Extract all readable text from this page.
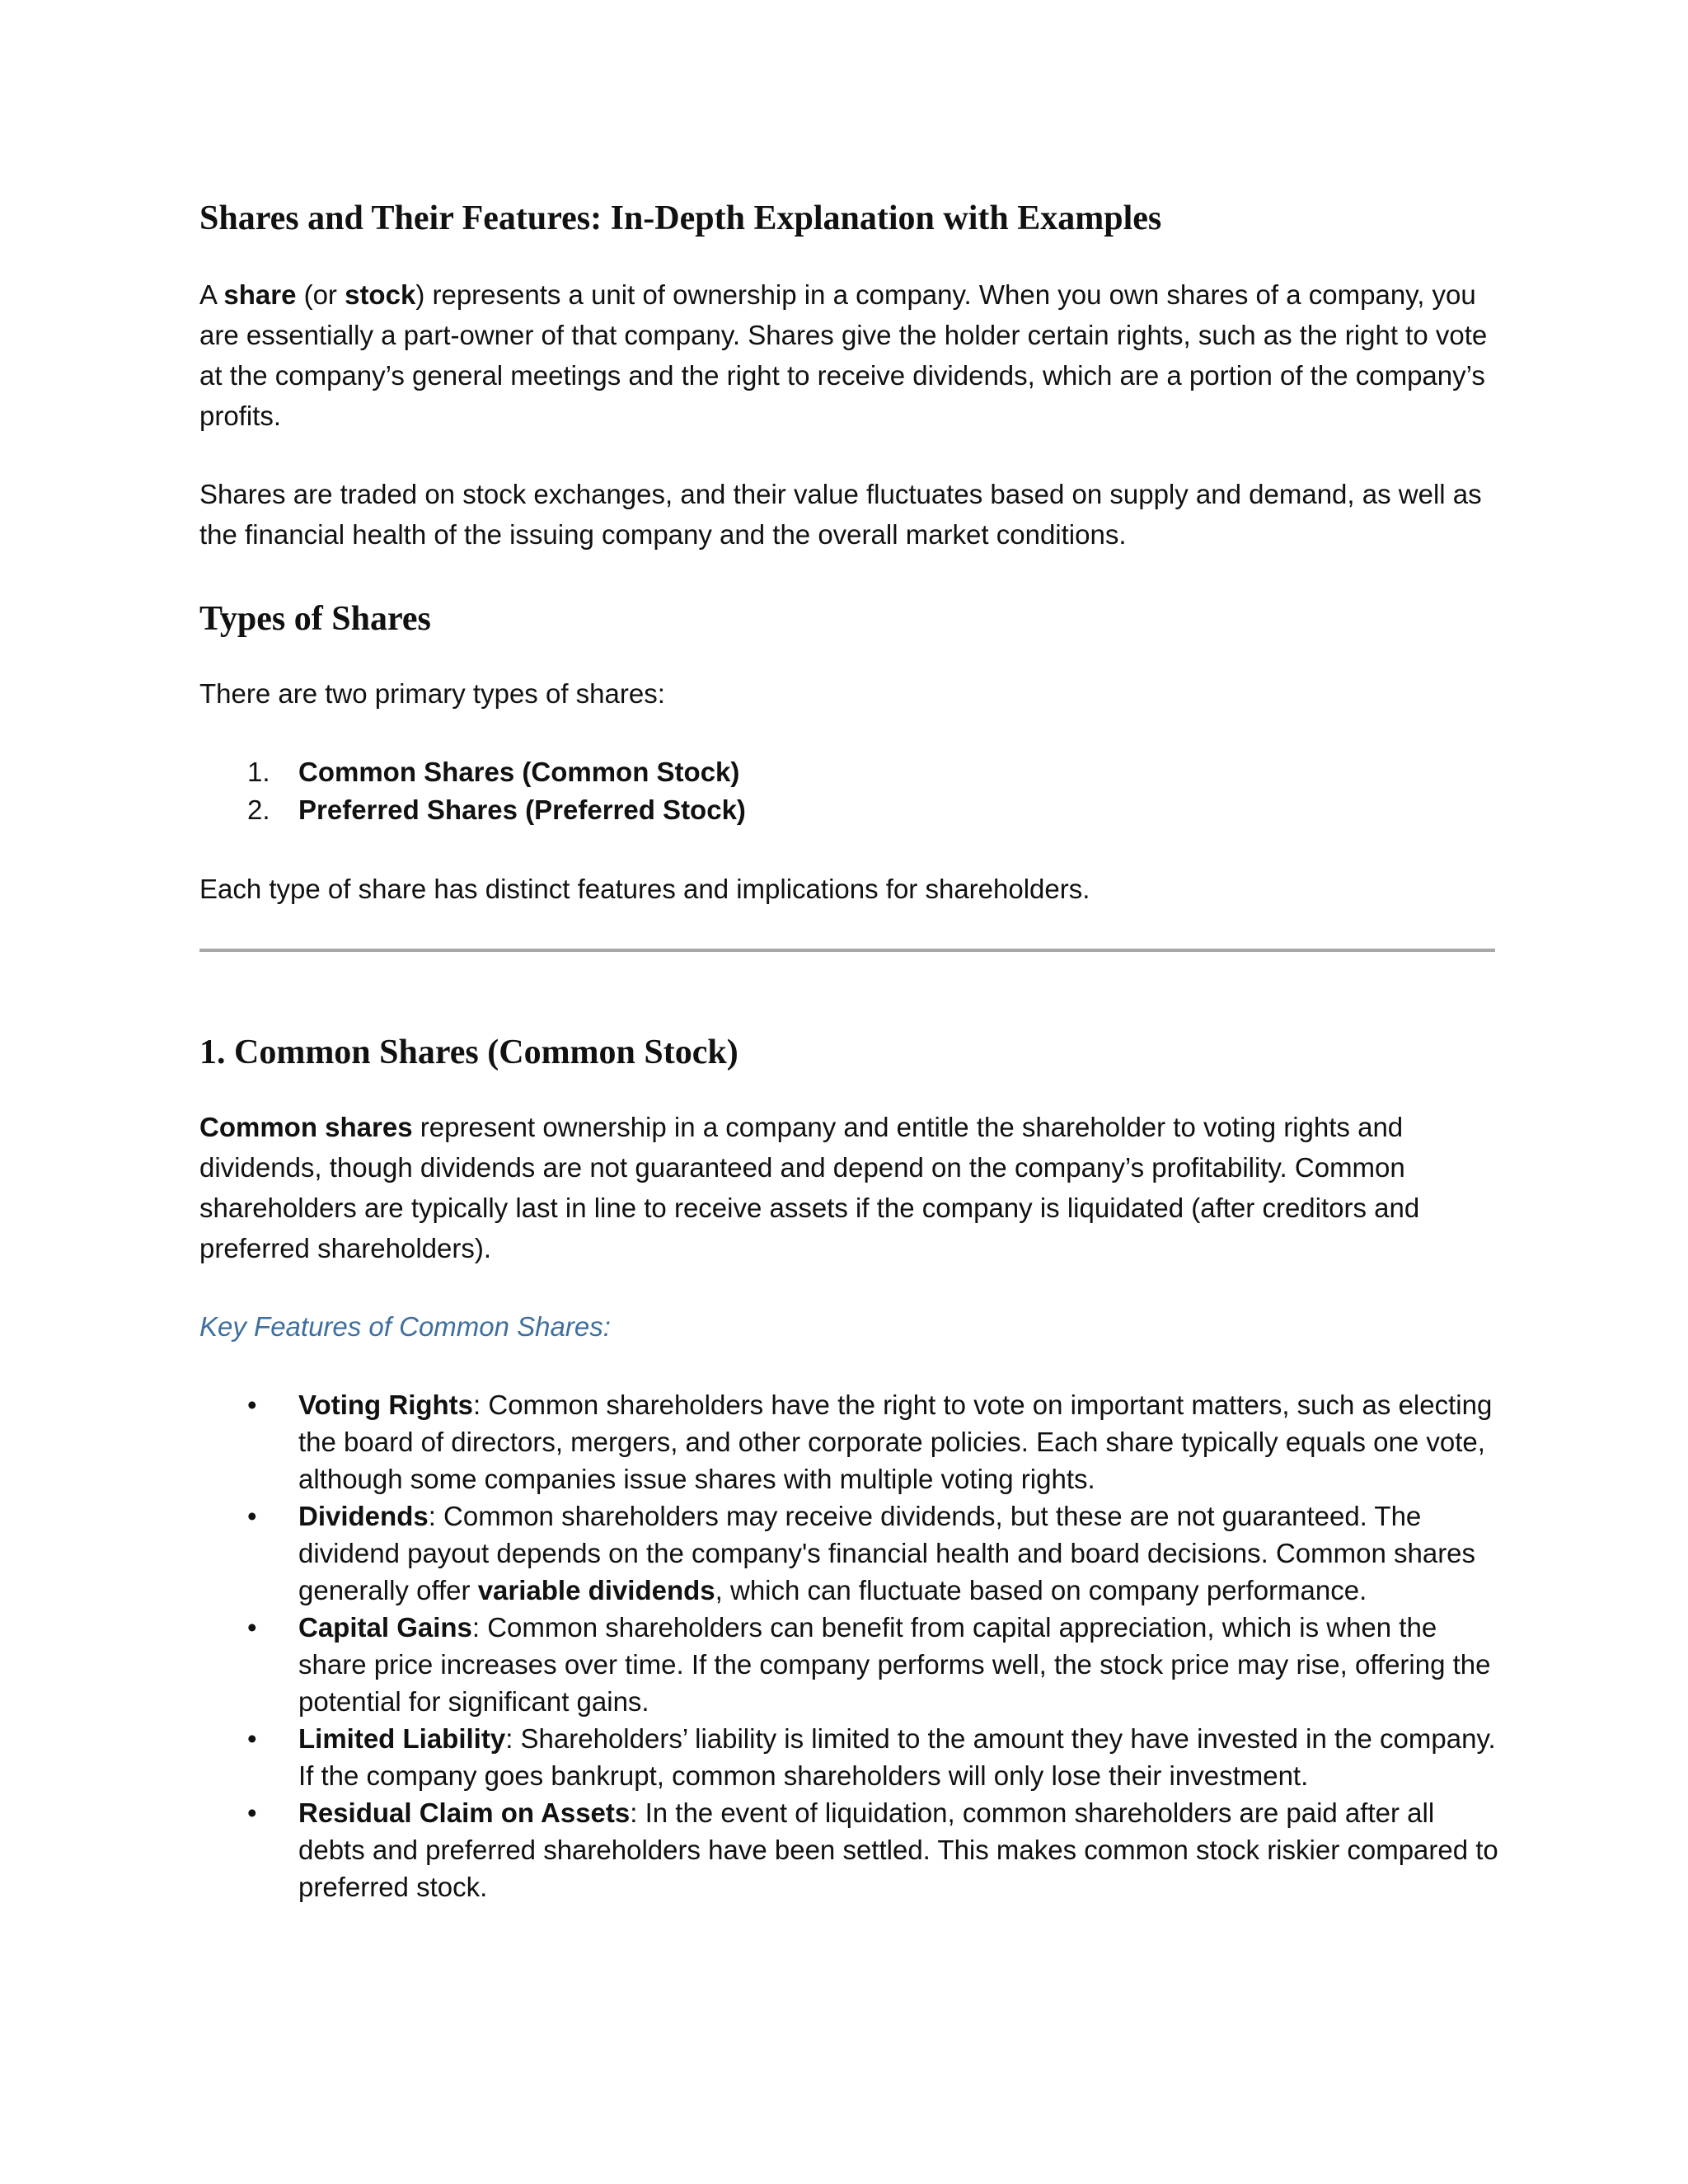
Shares and Their Features: In-Depth Explanation with Examples

A share (or stock) represents a unit of ownership in a company. When you own shares of a company, you are essentially a part-owner of that company. Shares give the holder certain rights, such as the right to vote at the company’s general meetings and the right to receive dividends, which are a portion of the company’s profits.

Shares are traded on stock exchanges, and their value fluctuates based on supply and demand, as well as the financial health of the issuing company and the overall market conditions.

Types of Shares

There are two primary types of shares:

1. Common Shares (Common Stock)
2. Preferred Shares (Preferred Stock)

Each type of share has distinct features and implications for shareholders.

1. Common Shares (Common Stock)

Common shares represent ownership in a company and entitle the shareholder to voting rights and dividends, though dividends are not guaranteed and depend on the company’s profitability. Common shareholders are typically last in line to receive assets if the company is liquidated (after creditors and preferred shareholders).

Key Features of Common Shares:

• Voting Rights: Common shareholders have the right to vote on important matters, such as electing the board of directors, mergers, and other corporate policies. Each share typically equals one vote, although some companies issue shares with multiple voting rights.
• Dividends: Common shareholders may receive dividends, but these are not guaranteed. The dividend payout depends on the company's financial health and board decisions. Common shares generally offer variable dividends, which can fluctuate based on company performance.
• Capital Gains: Common shareholders can benefit from capital appreciation, which is when the share price increases over time. If the company performs well, the stock price may rise, offering the potential for significant gains.
• Limited Liability: Shareholders’ liability is limited to the amount they have invested in the company. If the company goes bankrupt, common shareholders will only lose their investment.
• Residual Claim on Assets: In the event of liquidation, common shareholders are paid after all debts and preferred shareholders have been settled. This makes common stock riskier compared to preferred stock.
